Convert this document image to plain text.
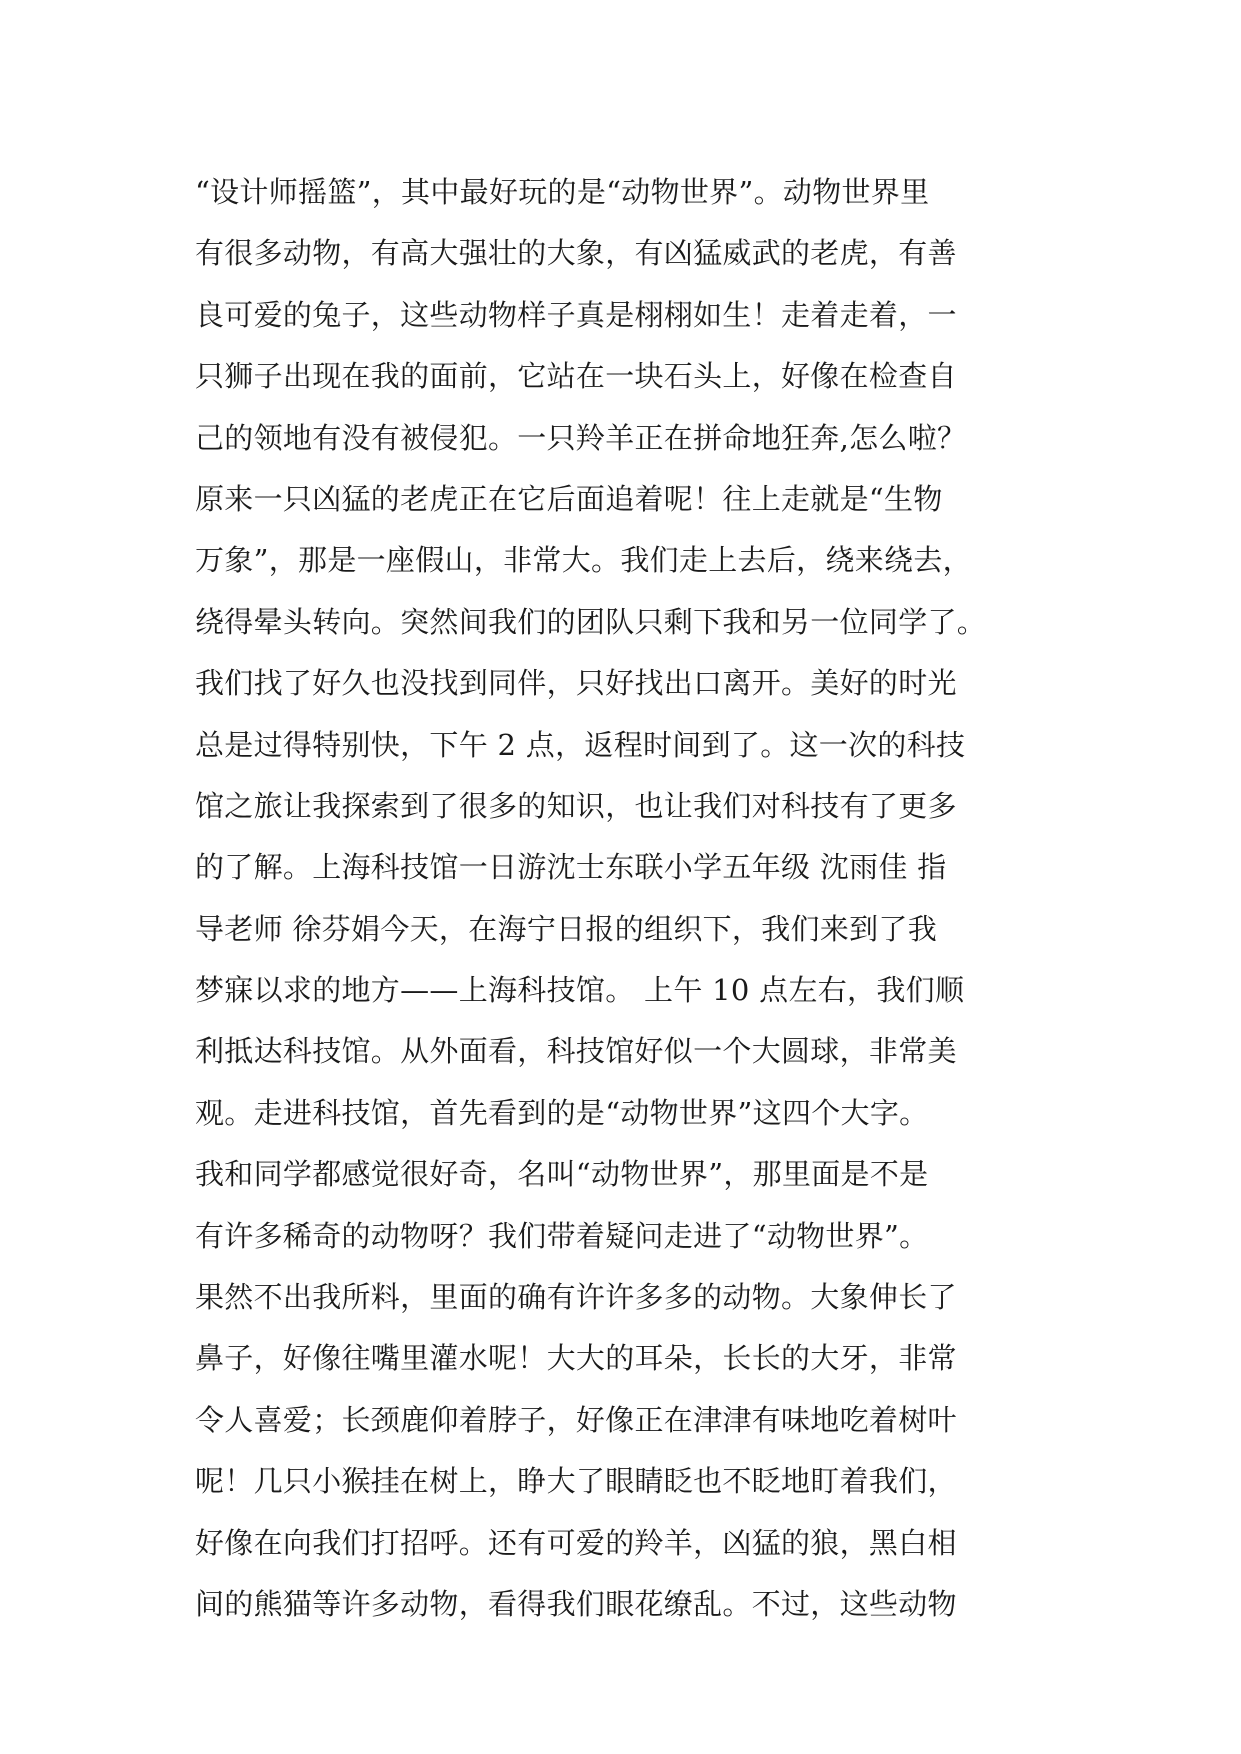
“设计师摇篮”，其中最好玩的是“动物世界”。动物世界里
有很多动物，有高大强壮的大象，有凶猛威武的老虎，有善
良可爱的兔子，这些动物样子真是栩栩如生！走着走着，一
只狮子出现在我的面前，它站在一块石头上，好像在检查自
己的领地有没有被侵犯。一只羚羊正在拼命地狂奔,怎么啦？
原来一只凶猛的老虎正在它后面追着呢！往上走就是“生物
万象”，那是一座假山，非常大。我们走上去后，绕来绕去，
绕得晕头转向。突然间我们的团队只剩下我和另一位同学了。
我们找了好久也没找到同伴，只好找出口离开。美好的时光
总是过得特别快，下午 2 点，返程时间到了。这一次的科技
馆之旅让我探索到了很多的知识，也让我们对科技有了更多
的了解。上海科技馆一日游沈士东联小学五年级 沈雨佳 指
导老师 徐芬娟今天，在海宁日报的组织下，我们来到了我
梦寐以求的地方——上海科技馆。 上午 10 点左右，我们顺
利抵达科技馆。从外面看，科技馆好似一个大圆球，非常美
观。走进科技馆，首先看到的是“动物世界”这四个大字。
我和同学都感觉很好奇，名叫“动物世界”，那里面是不是
有许多稀奇的动物呀？我们带着疑问走进了“动物世界”。
果然不出我所料，里面的确有许许多多的动物。大象伸长了
鼻子，好像往嘴里灌水呢！大大的耳朵，长长的大牙，非常
令人喜爱；长颈鹿仰着脖子，好像正在津津有味地吃着树叶
呢！几只小猴挂在树上，睁大了眼睛眨也不眨地盯着我们，
好像在向我们打招呼。还有可爱的羚羊，凶猛的狼，黑白相
间的熊猫等许多动物，看得我们眼花缭乱。不过，这些动物
